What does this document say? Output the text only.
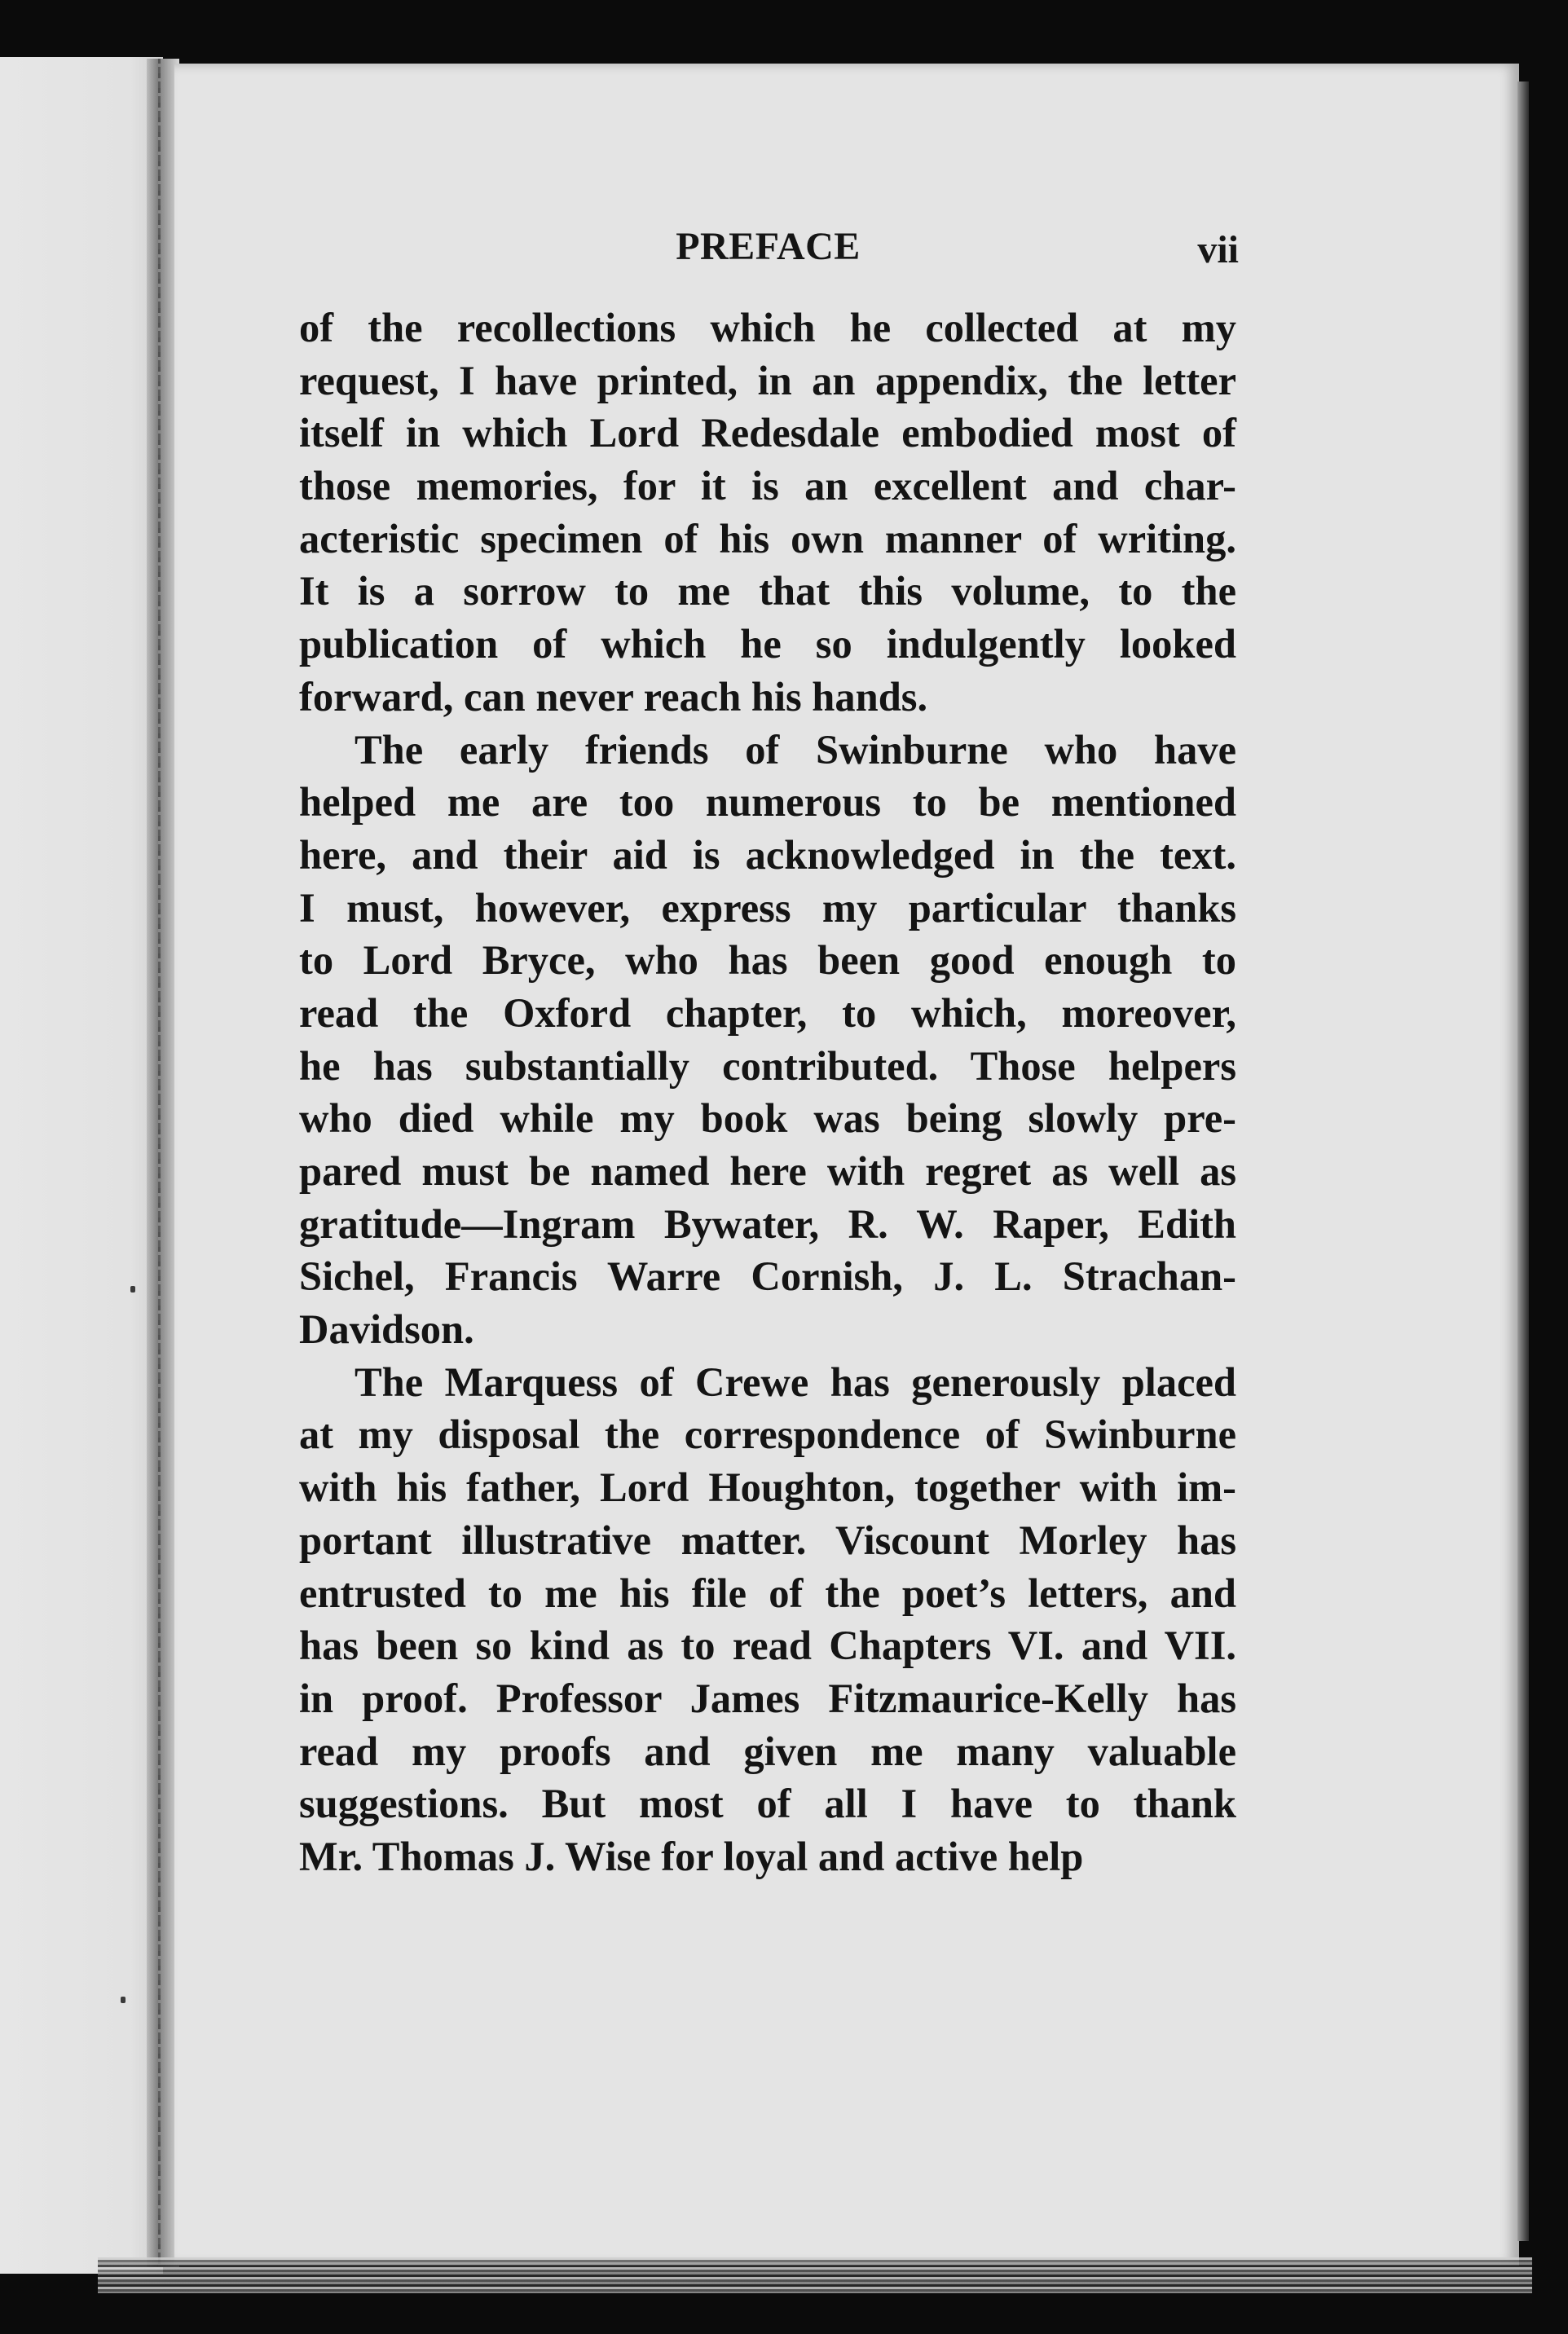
PREFACE	vii
of the recollections which he collected at my
request, I have printed, in an appendix, the letter
itself in which Lord Redesdale embodied most of
those memories, for it is an excellent and char-
acteristic specimen of his own manner of writing.
It is a sorrow to me that this volume, to the
publication of which he so indulgently looked
forward, can never reach his hands.
The early friends of Swinburne who have
helped me are too numerous to be mentioned
here, and their aid is acknowledged in the text.
I must, however, express my particular thanks
to Lord Bryce, who has been good enough to
read the Oxford chapter, to which, moreover,
he has substantially contributed. Those helpers
who died while my book was being slowly pre-
pared must be named here with regret as well as
gratitude—Ingram Bywater, R. W. Raper, Edith
Sichel, Francis Warre Cornish, J. L. Strachan-
Davidson.
The Marquess of Crewe has generously placed
at my disposal the correspondence of Swinburne
with his father, Lord Houghton, together with im-
portant illustrative matter. Viscount Morley has
entrusted to me his file of the poet’s letters, and
has been so kind as to read Chapters VI. and VII.
in proof. Professor James Fitzmaurice-Kelly has
read my proofs and given me many valuable
suggestions. But most of all I have to thank
Mr. Thomas J. Wise for loyal and active help
